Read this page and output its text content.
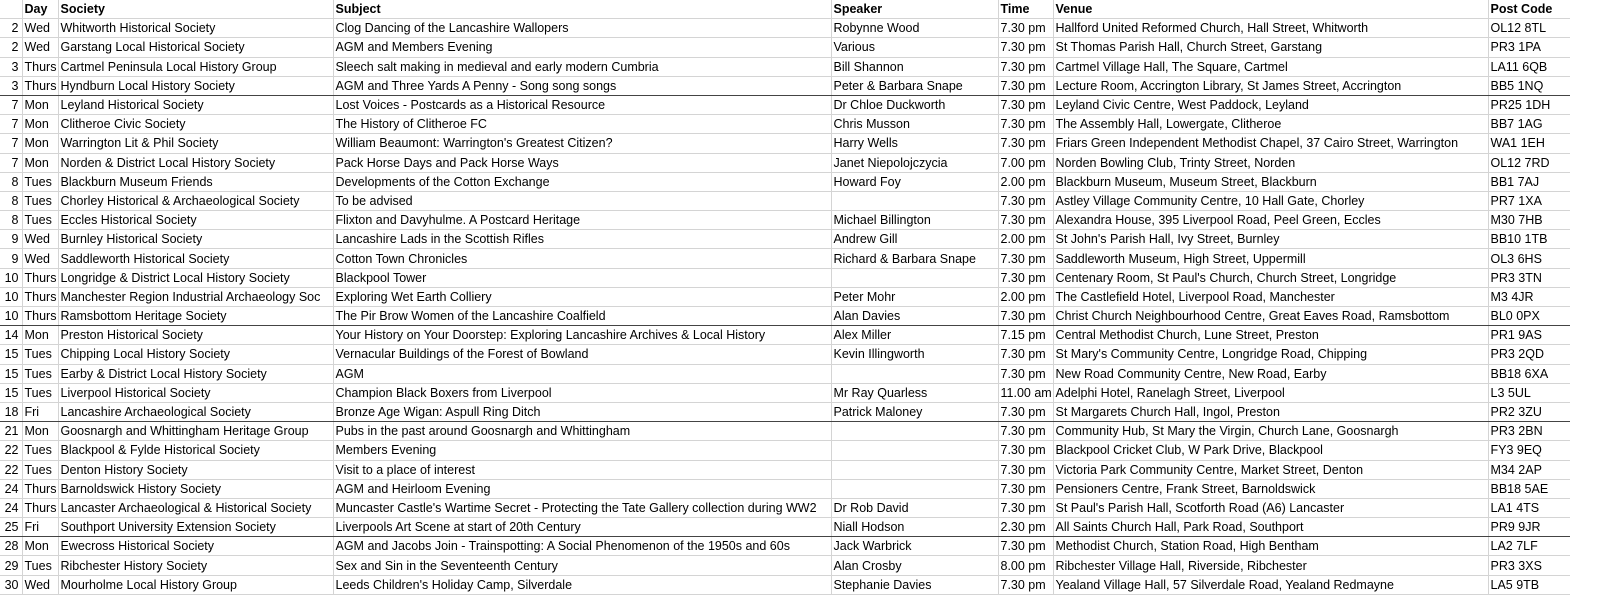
	Day	Society	Subject	Speaker	Time	Venue	Post Code
2	Wed	Whitworth Historical Society	Clog Dancing of the Lancashire Wallopers	Robynne Wood	7.30 pm	Hallford United Reformed Church, Hall Street, Whitworth	OL12 8TL
2	Wed	Garstang Local Historical Society	AGM and Members Evening	Various	7.30 pm	St Thomas Parish Hall, Church Street, Garstang	PR3 1PA
3	Thurs	Cartmel Peninsula Local History Group	Sleech salt making in medieval and early modern Cumbria	Bill Shannon	7.30 pm	Cartmel Village Hall, The Square, Cartmel	LA11 6QB
3	Thurs	Hyndburn Local History Society	AGM and Three Yards A Penny - Song song songs	Peter & Barbara Snape	7.30 pm	Lecture Room, Accrington Library, St James Street, Accrington	BB5 1NQ
7	Mon	Leyland Historical Society	Lost Voices - Postcards as a Historical Resource	Dr Chloe Duckworth	7.30 pm	Leyland Civic Centre, West Paddock, Leyland	PR25 1DH
7	Mon	Clitheroe Civic Society	The History of Clitheroe FC	Chris Musson	7.30 pm	The Assembly Hall, Lowergate, Clitheroe	BB7 1AG
7	Mon	Warrington Lit & Phil Society	William Beaumont: Warrington's Greatest Citizen?	Harry Wells	7.30 pm	Friars Green Independent Methodist Chapel, 37 Cairo Street, Warrington	WA1 1EH
7	Mon	Norden & District Local History Society	Pack Horse Days and Pack Horse Ways	Janet Niepolojczycia	7.00 pm	Norden Bowling Club, Trinty Street, Norden	OL12 7RD
8	Tues	Blackburn Museum Friends	Developments of the Cotton Exchange	Howard Foy	2.00 pm	Blackburn Museum, Museum Street, Blackburn	BB1 7AJ
8	Tues	Chorley Historical & Archaeological Society	To be advised		7.30 pm	Astley Village Community Centre, 10 Hall Gate, Chorley	PR7 1XA
8	Tues	Eccles Historical Society	Flixton and Davyhulme. A Postcard Heritage	Michael Billington	7.30 pm	Alexandra House, 395 Liverpool Road, Peel Green, Eccles	M30 7HB
9	Wed	Burnley Historical Society	Lancashire Lads in the Scottish Rifles	Andrew Gill	2.00 pm	St John's Parish Hall, Ivy Street, Burnley	BB10 1TB
9	Wed	Saddleworth Historical Society	Cotton Town Chronicles	Richard & Barbara Snape	7.30 pm	Saddleworth Museum, High Street, Uppermill	OL3 6HS
10	Thurs	Longridge & District Local History Society	Blackpool Tower		7.30 pm	Centenary Room, St Paul's Church, Church Street, Longridge	PR3 3TN
10	Thurs	Manchester Region Industrial Archaeology Soc	Exploring Wet Earth Colliery	Peter Mohr	2.00 pm	The Castlefield Hotel, Liverpool Road, Manchester	M3 4JR
10	Thurs	Ramsbottom Heritage Society	The Pir Brow Women of the Lancashire Coalfield	Alan Davies	7.30 pm	Christ Church Neighbourhood Centre, Great Eaves Road, Ramsbottom	BL0 0PX
14	Mon	Preston Historical Society	Your History on Your Doorstep: Exploring Lancashire Archives & Local History	Alex Miller	7.15 pm	Central Methodist Church, Lune Street, Preston	PR1 9AS
15	Tues	Chipping Local History Society	Vernacular Buildings of the Forest of Bowland	Kevin Illingworth	7.30 pm	St Mary's Community Centre, Longridge Road, Chipping	PR3 2QD
15	Tues	Earby & District Local History Society	AGM		7.30 pm	New Road Community Centre, New Road, Earby	BB18 6XA
15	Tues	Liverpool Historical Society	Champion Black Boxers from Liverpool	Mr Ray Quarless	11.00 am	Adelphi Hotel, Ranelagh Street, Liverpool	L3 5UL
18	Fri	Lancashire Archaeological Society	Bronze Age Wigan: Aspull Ring Ditch	Patrick Maloney	7.30 pm	St Margarets Church Hall, Ingol, Preston	PR2 3ZU
21	Mon	Goosnargh and Whittingham Heritage Group	Pubs in the past around Goosnargh and Whittingham		7.30 pm	Community Hub, St Mary the Virgin, Church Lane, Goosnargh	PR3 2BN
22	Tues	Blackpool & Fylde Historical Society	Members Evening		7.30 pm	Blackpool Cricket Club, W Park Drive, Blackpool	FY3 9EQ
22	Tues	Denton History Society	Visit to a place of interest		7.30 pm	Victoria Park Community Centre, Market Street, Denton	M34 2AP
24	Thurs	Barnoldswick History Society	AGM and Heirloom Evening		7.30 pm	Pensioners Centre, Frank Street, Barnoldswick	BB18 5AE
24	Thurs	Lancaster Archaeological & Historical Society	Muncaster Castle's Wartime Secret - Protecting the Tate Gallery collection during WW2	Dr Rob David	7.30 pm	St Paul's Parish Hall, Scotforth Road (A6) Lancaster	LA1 4TS
25	Fri	Southport University Extension Society	Liverpools Art Scene at start of 20th Century	Niall Hodson	2.30 pm	All Saints Church Hall, Park Road, Southport	PR9 9JR
28	Mon	Ewecross Historical Society	AGM and Jacobs Join - Trainspotting: A Social Phenomenon of the 1950s and 60s	Jack Warbrick	7.30 pm	Methodist Church, Station Road, High Bentham	LA2 7LF
29	Tues	Ribchester History Society	Sex and Sin in the Seventeenth Century	Alan Crosby	8.00 pm	Ribchester Village Hall, Riverside, Ribchester	PR3 3XS
30	Wed	Mourholme Local History Group	Leeds Children's Holiday Camp, Silverdale	Stephanie Davies	7.30 pm	Yealand Village Hall, 57 Silverdale Road, Yealand Redmayne	LA5 9TB
